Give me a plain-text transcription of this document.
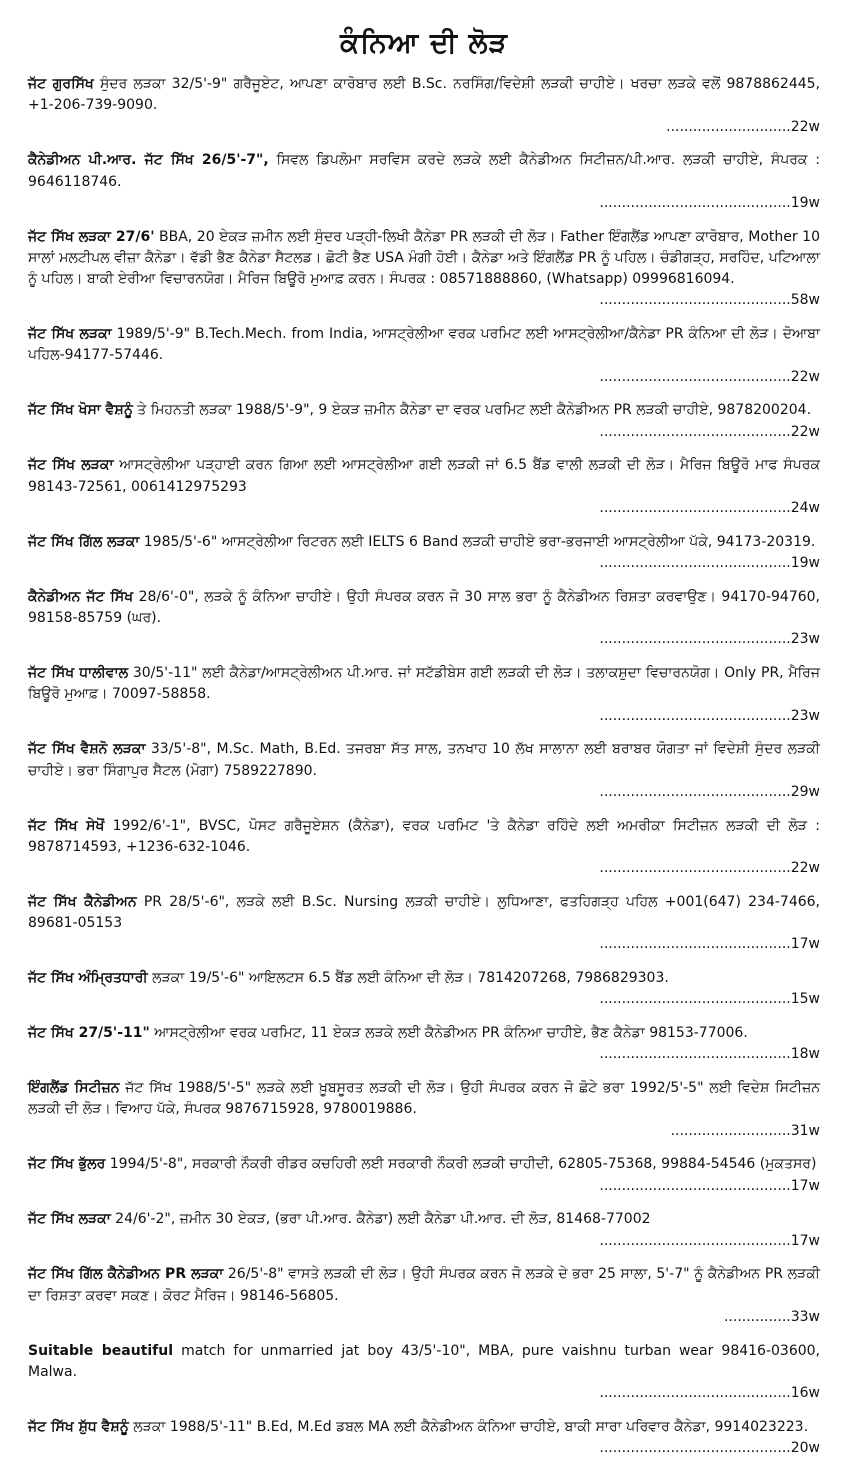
ਕੰਨਿਆ ਦੀ ਲੋੜ
ਜੱਟ ਗੁਰਸਿੱਖ ਸੁੰਦਰ ਲੜਕਾ 32/5'-9" ਗਰੈਜੂਏਟ, ਆਪਣਾ ਕਾਰੋਬਾਰ ਲਈ B.Sc. ਨਰਸਿੰਗ/ਵਿਦੇਸ਼ੀ ਲੜਕੀ ਚਾਹੀਏ। ਖਰਚਾ ਲੜਕੇ ਵਲੋਂ 9878862445, +1-206-739-9090.
............................22w
ਕੈਨੇਡੀਅਨ ਪੀ.ਆਰ. ਜੱਟ ਸਿੱਖ 26/5'-7", ਸਿਵਲ ਡਿਪਲੋਮਾ ਸਰਵਿਸ ਕਰਦੇ ਲੜਕੇ ਲਈ ਕੈਨੇਡੀਅਨ ਸਿਟੀਜ਼ਨ/ਪੀ.ਆਰ. ਲੜਕੀ ਚਾਹੀਏ, ਸੰਪਰਕ : 9646118746.
...........................................19w
ਜੱਟ ਸਿੱਖ ਲੜਕਾ 27/6' BBA, 20 ਏਕੜ ਜ਼ਮੀਨ ਲਈ ਸੁੰਦਰ ਪੜ੍ਹੀ-ਲਿਖੀ ਕੈਨੇਡਾ PR ਲੜਕੀ ਦੀ ਲੋੜ। Father ਇੰਗਲੈਂਡ ਆਪਣਾ ਕਾਰੋਬਾਰ, Mother 10 ਸਾਲਾਂ ਮਲਟੀਪਲ ਵੀਜ਼ਾ ਕੈਨੇਡਾ। ਵੱਡੀ ਭੈਣ ਕੈਨੇਡਾ ਸੈਟਲਡ। ਛੋਟੀ ਭੈਣ USA ਮੰਗੀ ਹੋਈ। ਕੈਨੇਡਾ ਅਤੇ ਇੰਗਲੈਂਡ PR ਨੂੰ ਪਹਿਲ। ਚੰਡੀਗੜ੍ਹ, ਸਰਹਿੰਦ, ਪਟਿਆਲਾ ਨੂੰ ਪਹਿਲ। ਬਾਕੀ ਏਰੀਆ ਵਿਚਾਰਨਯੋਗ। ਮੈਰਿਜ ਬਿਊਰੋ ਮੁਆਫ਼ ਕਰਨ। ਸੰਪਰਕ : 08571888860, (Whatsapp) 09996816094.
...........................................58w
ਜੱਟ ਸਿੱਖ ਲੜਕਾ 1989/5'-9" B.Tech.Mech. from India, ਆਸਟ੍ਰੇਲੀਆ ਵਰਕ ਪਰਮਿਟ ਲਈ ਆਸਟ੍ਰੇਲੀਆ/ਕੈਨੇਡਾ PR ਕੰਨਿਆ ਦੀ ਲੋੜ। ਦੋਆਬਾ ਪਹਿਲ-94177-57446.
...........................................22w
ਜੱਟ ਸਿੱਖ ਖੋਸਾ ਵੈਸ਼ਨੂੰ ਤੇ ਮਿਹਨਤੀ ਲੜਕਾ 1988/5'-9", 9 ਏਕੜ ਜ਼ਮੀਨ ਕੈਨੇਡਾ ਦਾ ਵਰਕ ਪਰਮਿਟ ਲਈ ਕੈਨੇਡੀਅਨ PR ਲੜਕੀ ਚਾਹੀਏ, 9878200204.
...........................................22w
ਜੱਟ ਸਿੱਖ ਲੜਕਾ ਆਸਟ੍ਰੇਲੀਆ ਪੜ੍ਹਾਈ ਕਰਨ ਗਿਆ ਲਈ ਆਸਟ੍ਰੇਲੀਆ ਗਈ ਲੜਕੀ ਜਾਂ 6.5 ਬੈਂਡ ਵਾਲੀ ਲੜਕੀ ਦੀ ਲੋੜ। ਮੈਰਿਜ ਬਿਊਰੋ ਮਾਫ ਸੰਪਰਕ 98143-72561, 0061412975293
...........................................24w
ਜੱਟ ਸਿੱਖ ਗਿੱਲ ਲੜਕਾ 1985/5'-6" ਆਸਟ੍ਰੇਲੀਆ ਰਿਟਰਨ ਲਈ IELTS 6 Band ਲੜਕੀ ਚਾਹੀਏ ਭਰਾ-ਭਰਜਾਈ ਆਸਟ੍ਰੇਲੀਆ ਪੱਕੇ, 94173-20319.
...........................................19w
ਕੈਨੇਡੀਅਨ ਜੱਟ ਸਿੱਖ 28/6'-0", ਲੜਕੇ ਨੂੰ ਕੰਨਿਆ ਚਾਹੀਏ। ਉਹੀ ਸੰਪਰਕ ਕਰਨ ਜੋ 30 ਸਾਲ ਭਰਾ ਨੂੰ ਕੈਨੇਡੀਅਨ ਰਿਸ਼ਤਾ ਕਰਵਾਉਣ। 94170-94760, 98158-85759 (ਘਰ).
...........................................23w
ਜੱਟ ਸਿੱਖ ਧਾਲੀਵਾਲ 30/5'-11" ਲਈ ਕੈਨੇਡਾ/ਆਸਟ੍ਰੇਲੀਅਨ ਪੀ.ਆਰ. ਜਾਂ ਸਟੱਡੀਬੇਸ ਗਈ ਲੜਕੀ ਦੀ ਲੋੜ। ਤਲਾਕਸ਼ੁਦਾ ਵਿਚਾਰਨਯੋਗ। Only PR, ਮੈਰਿਜ ਬਿਊਰੋ ਮੁਆਫ਼। 70097-58858.
...........................................23w
ਜੱਟ ਸਿੱਖ ਵੈਸ਼ਨੋ ਲੜਕਾ 33/5'-8", M.Sc. Math, B.Ed. ਤਜਰਬਾ ਸੱਤ ਸਾਲ, ਤਨਖਾਹ 10 ਲੱਖ ਸਾਲਾਨਾ ਲਈ ਬਰਾਬਰ ਯੋਗਤਾ ਜਾਂ ਵਿਦੇਸ਼ੀ ਸੁੰਦਰ ਲੜਕੀ ਚਾਹੀਏ। ਭਰਾ ਸਿੰਗਾਪੁਰ ਸੈਟਲ (ਮੋਗਾ) 7589227890.
...........................................29w
ਜੱਟ ਸਿੱਖ ਸੇਖੋਂ 1992/6'-1", BVSC, ਪੋਸਟ ਗਰੈਜੂਏਸ਼ਨ (ਕੈਨੇਡਾ), ਵਰਕ ਪਰਮਿਟ 'ਤੇ ਕੈਨੇਡਾ ਰਹਿੰਦੇ ਲਈ ਅਮਰੀਕਾ ਸਿਟੀਜ਼ਨ ਲੜਕੀ ਦੀ ਲੋੜ : 9878714593, +1236-632-1046.
...........................................22w
ਜੱਟ ਸਿੱਖ ਕੈਨੇਡੀਅਨ PR 28/5'-6", ਲੜਕੇ ਲਈ B.Sc. Nursing ਲੜਕੀ ਚਾਹੀਏ। ਲੁਧਿਆਣਾ, ਫਤਹਿਗੜ੍ਹ ਪਹਿਲ +001(647) 234-7466, 89681-05153
...........................................17w
ਜੱਟ ਸਿੱਖ ਅੰਮ੍ਰਿਤਧਾਰੀ ਲੜਕਾ 19/5'-6" ਆਇਲਟਸ 6.5 ਬੈਂਡ ਲਈ ਕੰਨਿਆ ਦੀ ਲੋੜ। 7814207268, 7986829303.
...........................................15w
ਜੱਟ ਸਿੱਖ 27/5'-11" ਆਸਟ੍ਰੇਲੀਆ ਵਰਕ ਪਰਮਿਟ, 11 ਏਕੜ ਲੜਕੇ ਲਈ ਕੈਨੇਡੀਅਨ PR ਕੰਨਿਆ ਚਾਹੀਏ, ਭੈਣ ਕੈਨੇਡਾ 98153-77006.
...........................................18w
ਇੰਗਲੈਂਡ ਸਿਟੀਜ਼ਨ ਜੱਟ ਸਿੱਖ 1988/5'-5" ਲੜਕੇ ਲਈ ਖ਼ੂਬਸੂਰਤ ਲੜਕੀ ਦੀ ਲੋੜ। ਉਹੀ ਸੰਪਰਕ ਕਰਨ ਜੋ ਛੋਟੇ ਭਰਾ 1992/5'-5" ਲਈ ਵਿਦੇਸ਼ ਸਿਟੀਜ਼ਨ ਲੜਕੀ ਦੀ ਲੋੜ। ਵਿਆਹ ਪੱਕੇ, ਸੰਪਰਕ 9876715928, 9780019886.
...........................31w
ਜੱਟ ਸਿੱਖ ਭੁੱਲਰ 1994/5'-8", ਸਰਕਾਰੀ ਨੌਕਰੀ ਰੀਡਰ ਕਚਹਿਰੀ ਲਈ ਸਰਕਾਰੀ ਨੌਕਰੀ ਲੜਕੀ ਚਾਹੀਦੀ, 62805-75368, 99884-54546 (ਮੁਕਤਸਰ)
...........................................17w
ਜੱਟ ਸਿੱਖ ਲੜਕਾ 24/6'-2", ਜ਼ਮੀਨ 30 ਏਕੜ, (ਭਰਾ ਪੀ.ਆਰ. ਕੈਨੇਡਾ) ਲਈ ਕੈਨੇਡਾ ਪੀ.ਆਰ. ਦੀ ਲੋੜ, 81468-77002
...........................................17w
ਜੱਟ ਸਿੱਖ ਗਿੱਲ ਕੈਨੇਡੀਅਨ PR ਲੜਕਾ 26/5'-8" ਵਾਸਤੇ ਲੜਕੀ ਦੀ ਲੋੜ। ਉਹੀ ਸੰਪਰਕ ਕਰਨ ਜੋ ਲੜਕੇ ਦੇ ਭਰਾ 25 ਸਾਲਾ, 5'-7" ਨੂੰ ਕੈਨੇਡੀਅਨ PR ਲੜਕੀ ਦਾ ਰਿਸ਼ਤਾ ਕਰਵਾ ਸਕਣ। ਕੋਰਟ ਮੈਰਿਜ। 98146-56805.
...............33w
Suitable beautiful match for unmarried jat boy 43/5'-10", MBA, pure vaishnu turban wear 98416-03600, Malwa.
...........................................16w
ਜੱਟ ਸਿੱਖ ਸ਼ੁੱਧ ਵੈਸ਼ਨੂੰ ਲੜਕਾ 1988/5'-11" B.Ed, M.Ed ਡਬਲ MA ਲਈ ਕੈਨੇਡੀਅਨ ਕੰਨਿਆ ਚਾਹੀਏ, ਬਾਕੀ ਸਾਰਾ ਪਰਿਵਾਰ ਕੈਨੇਡਾ, 9914023223.
...........................................20w
